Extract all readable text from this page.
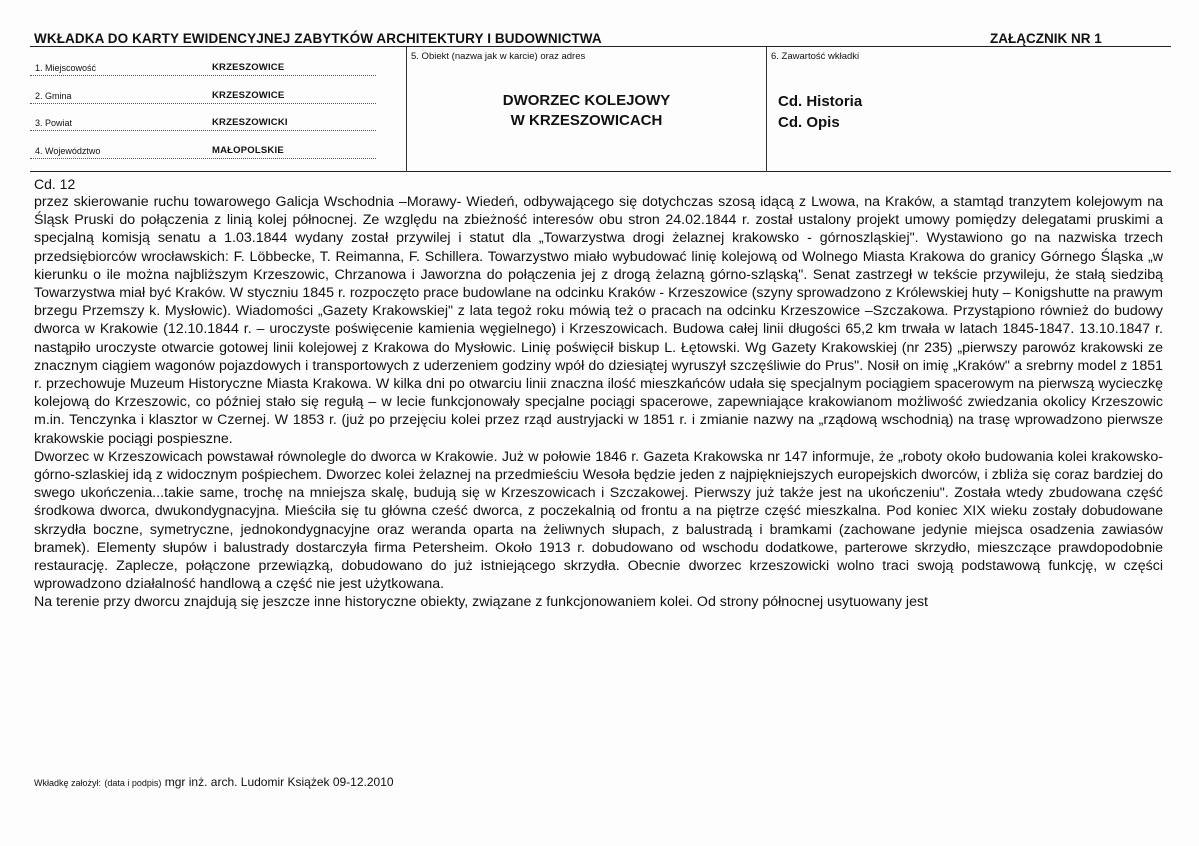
WKŁADKA DO KARTY EWIDENCYJNEJ ZABYTKÓW ARCHITEKTURY I BUDOWNICTWA	ZAŁĄCZNIK NR 1
1. Miejscowość	KRZESZOWICE
2. Gmina	KRZESZOWICE
3. Powiat	KRZESZOWICKI
4. Województwo	MAŁOPOLSKIE
5. Obiekt (nazwa jak w karcie) oraz adres
DWORZEC KOLEJOWY
W KRZESZOWICACH
6. Zawartość wkładki
Cd. Historia
Cd. Opis
Cd. 12

przez skierowanie ruchu towarowego Galicja Wschodnia –Morawy- Wiedeń, odbywającego się dotychczas szosą idącą z Lwowa, na Kraków, a stamtąd tranzytem kolejowym na Śląsk Pruski do połączenia z linią kolej północnej. Ze względu na zbieżność interesów obu stron 24.02.1844 r. został ustalony projekt umowy pomiędzy delegatami pruskimi a specjalną komisją senatu a 1.03.1844 wydany został przywilej i statut dla „Towarzystwa drogi żelaznej krakowsko - górnoszląskiej". Wystawiono go na nazwiska trzech przedsiębiorców wrocławskich: F. Löbbecke, T. Reimanna, F. Schillera. Towarzystwo miało wybudować linię kolejową od Wolnego Miasta Krakowa do granicy Górnego Śląska „w kierunku o ile można najbliższym Krzeszowic, Chrzanowa i Jaworzna do połączenia jej z drogą żelazną górno-szląską". Senat zastrzegł w tekście przywileju, że stałą siedzibą Towarzystwa miał być Kraków. W styczniu 1845 r. rozpoczęto prace budowlane na odcinku Kraków - Krzeszowice (szyny sprowadzono z Królewskiej huty – Konigshutte na prawym brzegu Przemszy k. Mysłowic). Wiadomości „Gazety Krakowskiej" z lata tegoż roku mówią też o pracach na odcinku Krzeszowice –Szczakowa. Przystąpiono również do budowy dworca w Krakowie (12.10.1844 r. – uroczyste poświęcenie kamienia węgielnego) i Krzeszowicach. Budowa całej linii długości 65,2 km trwała w latach 1845-1847. 13.10.1847 r. nastąpiło uroczyste otwarcie gotowej linii kolejowej z Krakowa do Mysłowic. Linię poświęcił biskup L. Łętowski. Wg Gazety Krakowskiej (nr 235) „pierwszy parowóz krakowski ze znacznym ciągiem wagonów pojazdowych i transportowych z uderzeniem godziny wpół do dziesiątej wyruszył szczęśliwie do Prus". Nosił on imię „Kraków" a srebrny model z 1851 r. przechowuje Muzeum Historyczne Miasta Krakowa. W kilka dni po otwarciu linii znaczna ilość mieszkańców udała się specjalnym pociągiem spacerowym na pierwszą wycieczkę kolejową do Krzeszowic, co później stało się regułą – w lecie funkcjonowały specjalne pociągi spacerowe, zapewniające krakowianom możliwość zwiedzania okolicy Krzeszowic m.in. Tenczynka i klasztor w Czernej. W 1853 r. (już po przejęciu kolei przez rząd austryjacki w 1851 r. i zmianie nazwy na „rządową wschodnią) na trasę wprowadzono pierwsze krakowskie pociągi pospieszne.

Dworzec w Krzeszowicach powstawał równolegle do dworca w Krakowie. Już w połowie 1846 r. Gazeta Krakowska nr 147 informuje, że „roboty około budowania kolei krakowsko-górno-szlaskiej idą z widocznym pośpiechem. Dworzec kolei żelaznej na przedmieściu Wesoła będzie jeden z najpiękniejszych europejskich dworców, i zbliża się coraz bardziej do swego ukończenia...takie same, trochę na mniejsza skalę, budują się w Krzeszowicach i Szczakowej. Pierwszy już także jest na ukończeniu". Została wtedy zbudowana część środkowa dworca, dwukondygnacyjna. Mieściła się tu główna cześć dworca, z poczekalnią od frontu a na piętrze część mieszkalna. Pod koniec XIX wieku zostały dobudowane skrzydła boczne, symetryczne, jednokondygnacyjne oraz weranda oparta na żeliwnych słupach, z balustradą i bramkami (zachowane jedynie miejsca osadzenia zawiasów bramek). Elementy słupów i balustrady dostarczyła firma Petersheim. Około 1913 r. dobudowano od wschodu dodatkowe, parterowe skrzydło, mieszczące prawdopodobnie restaurację. Zaplecze, połączone przewiązką, dobudowano do już istniejącego skrzydła. Obecnie dworzec krzeszowicki wolno traci swoją podstawową funkcję, w części wprowadzono działalność handlową a część nie jest użytkowana.

Na terenie przy dworcu znajdują się jeszcze inne historyczne obiekty, związane z funkcjonowaniem kolei. Od strony północnej usytuowany jest

Wkładkę założył: (data i podpis) mgr inż. arch. Ludomir Książek 09-12.2010
